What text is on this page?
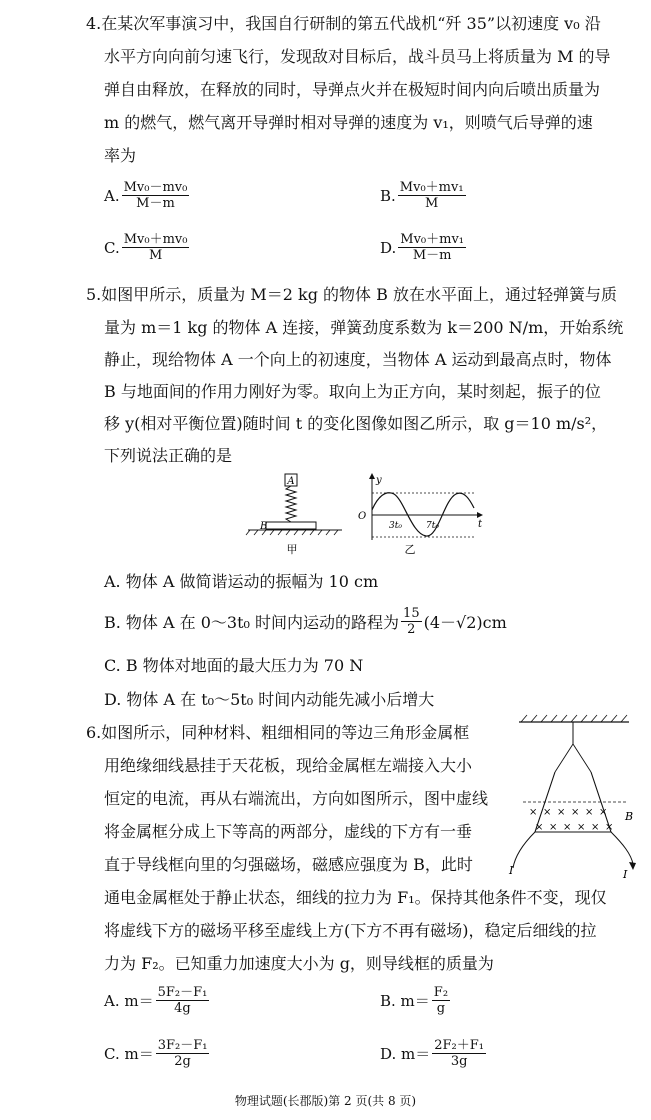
4.在某次军事演习中，我国自行研制的第五代战机“歼 35”以初速度 v₀ 沿
水平方向向前匀速飞行，发现敌对目标后，战斗员马上将质量为 M 的导
弹自由释放，在释放的同时，导弹点火并在极短时间内向后喷出质量为
m 的燃气，燃气离开导弹时相对导弹的速度为 v₁，则喷气后导弹的速
率为
A. $\frac{\text{Mv₀－mv₀}}{M-m}$	B. $\frac{\text{Mv₀＋mv₁}}{M}$
C. $\frac{\text{Mv₀＋mv₀}}{M}$	D. $\frac{\text{Mv₀＋mv₁}}{M-m}$
5.如图甲所示，质量为 M＝2 kg 的物体 B 放在水平面上，通过轻弹簧与质
量为 m＝1 kg 的物体 A 连接，弹簧劲度系数为 k＝200 N/m，开始系统
静止，现给物体 A 一个向上的初速度，当物体 A 运动到最高点时，物体
B 与地面间的作用力刚好为零。取向上为正方向，某时刻起，振子的位
移 y(相对平衡位置)随时间 t 的变化图像如图乙所示，取 g＝10 m/s²，
下列说法正确的是
A
B
甲
y
t
O
3t₀	7t₀
乙
A. 物体 A 做简谐运动的振幅为 10 cm
B. 物体 A 在 0～3t₀ 时间内运动的路程为 $\frac{15}{2} (4-√2)cm$
C. B 物体对地面的最大压力为 70 N
D. 物体 A 在 t₀～5t₀ 时间内动能先减小后增大
6.如图所示，同种材料、粗细相同的等边三角形金属框
用绝缘细线悬挂于天花板，现给金属框左端接入大小
恒定的电流，再从右端流出，方向如图所示，图中虚线
将金属框分成上下等高的两部分，虚线的下方有一垂
直于导线框向里的匀强磁场，磁感应强度为 B，此时
通电金属框处于静止状态，细线的拉力为 F₁。保持其他条件不变，现仅
将虚线下方的磁场平移至虚线上方(下方不再有磁场)，稳定后细线的拉
力为 F₂。已知重力加速度大小为 g，则导线框的质量为
× × × × × ×
× × × × × ×
B
I	I
A. $m= \frac{\text{5F₂－F₁}}{4g}$	B. $m= \frac{\text{F₂}}{g}$
C. $m= \frac{\text{3F₂－F₁}}{2g}$	D. $m= \frac{\text{2F₂＋F₁}}{3g}$
物理试题(长郡版)第 2 页(共 8 页)
